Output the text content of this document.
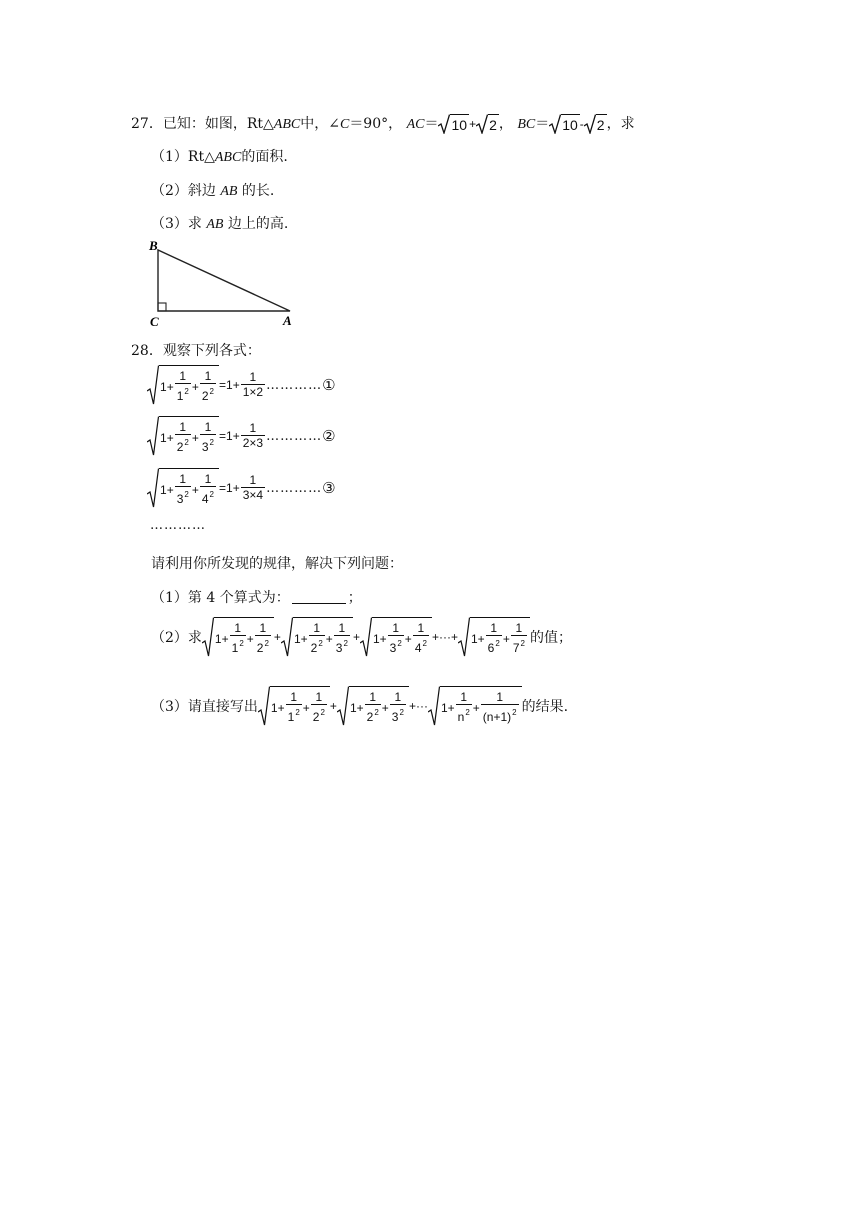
27．已知：如图，Rt△ABC中，∠C＝90°， AC＝ 10 + 2 ， BC＝ 10 - 2 ，求
（1）Rt△ABC的面积.
（2）斜边 AB 的长.
（3）求 AB 边上的高.
B
C	A
28．观察下列各式：
$1 + \frac{1}{1^2} + \frac{1}{2^2} = 1 + \frac{1}{1\times 2}$ ………… ①
$1 + \frac{1}{2^2} + \frac{1}{3^2} = 1 + \frac{1}{2\times 3}$ ………… ②
$1 + \frac{1}{3^2} + \frac{1}{4^2} = 1 + \frac{1}{3\times 4}$ ………… ③
…………
请利用你所发现的规律，解决下列问题：
（1）第 4 个算式为：	；
（2） 求 $1 + \frac{1}{1^2} + \frac{1}{2^2} + 1 + \frac{1}{2^2} + \frac{1}{3^2} + 1 + \frac{1}{3^2} + \frac{1}{4^2}$ +··· + $1 + \frac{1}{6^2} + \frac{1}{7^2}$ 的值；
（3） 请直接写出 $1 + \frac{1}{1^2} + \frac{1}{2^2} + 1 + \frac{1}{2^2} + \frac{1}{3^2}$ +··· $1 + \frac{1}{n^2} + \frac{1}{(n+1)^2}$ 的结果.
